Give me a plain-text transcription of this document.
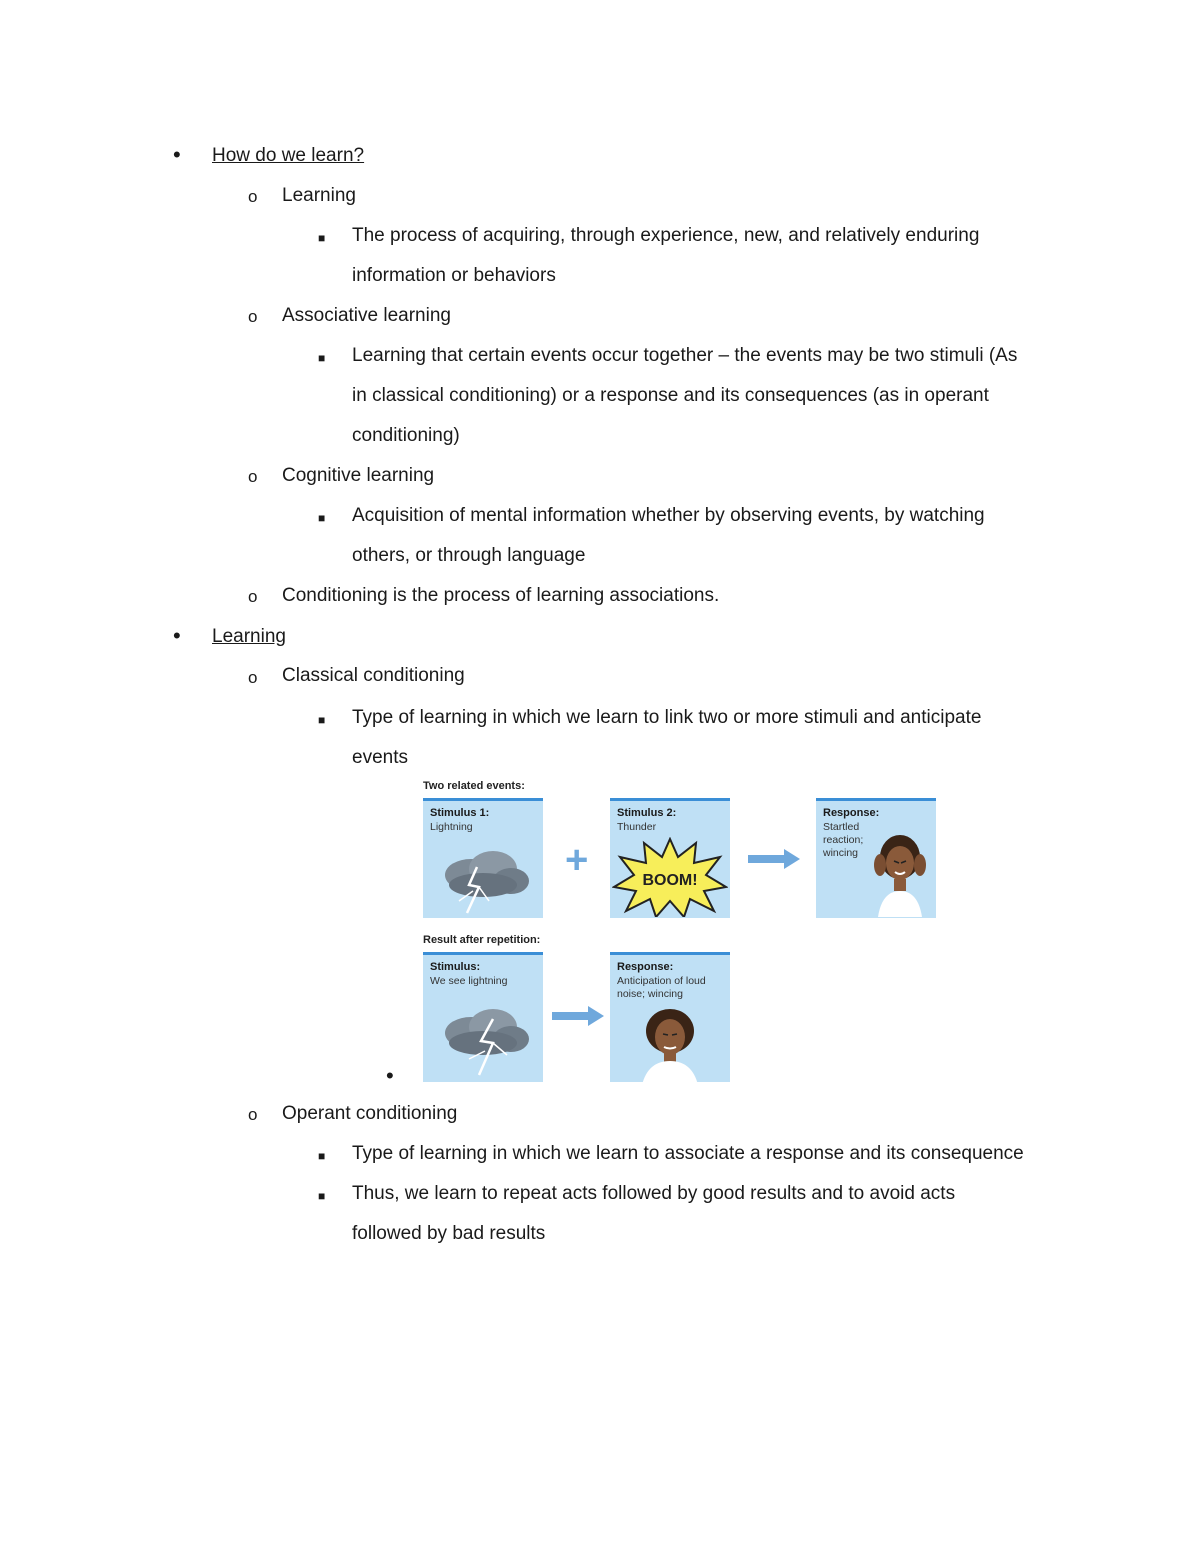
• How do we learn?
o Learning
■ The process of acquiring, through experience, new, and relatively enduring
information or behaviors
o Associative learning
■ Learning that certain events occur together – the events may be two stimuli (As
in classical conditioning) or a response and its consequences (as in operant
conditioning)
o Cognitive learning
■ Acquisition of mental information whether by observing events, by watching
others, or through language
o Conditioning is the process of learning associations.
• Learning
o Classical conditioning
■ Type of learning in which we learn to link two or more stimuli and anticipate
events
Two related events:
Stimulus 1:
Lightning
+
Stimulus 2:
Thunder
BOOM!
Response:
Startled
reaction;
wincing
Result after repetition:
Stimulus:
We see lightning
Response:
Anticipation of loud
noise; wincing
•
o Operant conditioning
■ Type of learning in which we learn to associate a response and its consequence
■ Thus, we learn to repeat acts followed by good results and to avoid acts
followed by bad results
